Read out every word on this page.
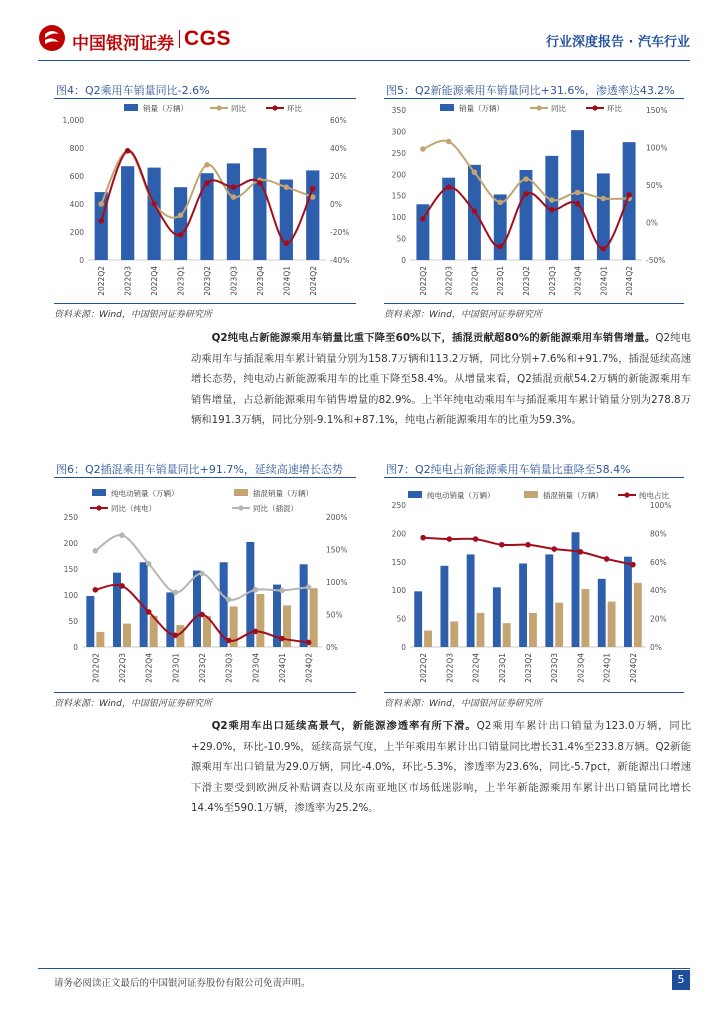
中国银河证券 CGS	行业深度报告 · 汽车行业
图4：Q2乘用车销量同比-2.6%
0
200
400
600
800
1,000
-40%
-20%
0%
20%
40%
60%
2022Q2 2022Q3 2022Q4 2023Q1 2023Q2 2023Q3 2023Q4 2024Q1 2024Q2
销量（万辆）	同比	环比
资料来源：Wind，中国银河证券研究所
图5：Q2新能源乘用车销量同比+31.6%，渗透率达43.2%
0
50
100
150
200
250
300
350
-50%
0%
50%
100%
150%
2022Q2 2022Q3 2022Q4 2023Q1 2023Q2 2023Q3 2023Q4 2024Q1 2024Q2
销量（万辆）	同比	环比
资料来源：Wind，中国银河证券研究所
Q2纯电占新能源乘用车销量比重下降至60%以下，插混贡献超80%的新能源乘用车销售增量。Q2纯电动乘用车与插混乘用车累计销量分别为158.7万辆和113.2万辆，同比分别+7.6%和+91.7%，插混延续高速增长态势，纯电动占新能源乘用车的比重下降至58.4%。从增量来看，Q2插混贡献54.2万辆的新能源乘用车销售增量，占总新能源乘用车销售增量的82.9%。上半年纯电动乘用车与插混乘用车累计销量分别为278.8万辆和191.3万辆，同比分别-9.1%和+87.1%，纯电占新能源乘用车的比重为59.3%。
图6：Q2插混乘用车销量同比+91.7%，延续高速增长态势
0
50
100
150
200
250
0%
50%
100%
150%
200%
2022Q2 2022Q3 2022Q4 2023Q1 2023Q2 2023Q3 2023Q4 2024Q1 2024Q2
纯电动销量（万辆）	插混销量（万辆）
同比（纯电）	同比（插混）
资料来源：Wind，中国银河证券研究所
图7：Q2纯电占新能源乘用车销量比重降至58.4%
0
50
100
150
200
250
0%
20%
40%
60%
80%
100%
2022Q2 2022Q3 2022Q4 2023Q1 2023Q2 2023Q3 2023Q4 2024Q1 2024Q2
纯电动销量（万辆）	插混销量（万辆）	纯电占比
资料来源：Wind，中国银河证券研究所
Q2乘用车出口延续高景气，新能源渗透率有所下滑。Q2乘用车累计出口销量为123.0万辆，同比+29.0%，环比-10.9%，延续高景气度，上半年乘用车累计出口销量同比增长31.4%至233.8万辆。Q2新能源乘用车出口销量为29.0万辆，同比-4.0%，环比-5.3%，渗透率为23.6%，同比-5.7pct，新能源出口增速下滑主要受到欧洲反补贴调查以及东南亚地区市场低迷影响，上半年新能源乘用车累计出口销量同比增长14.4%至590.1万辆，渗透率为25.2%。
请务必阅读正文最后的中国银河证券股份有限公司免责声明。	5
